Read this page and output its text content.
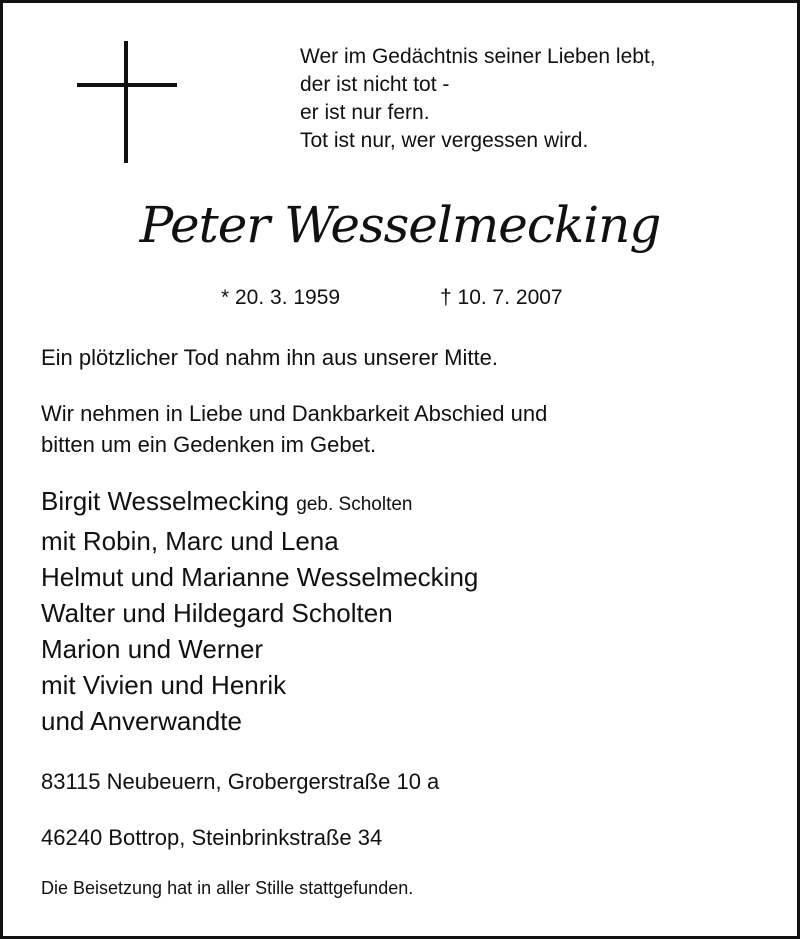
Wer im Gedächtnis seiner Lieben lebt,
der ist nicht tot -
er ist nur fern.
Tot ist nur, wer vergessen wird.
Peter Wesselmecking
* 20. 3. 1959	† 10. 7. 2007
Ein plötzlicher Tod nahm ihn aus unserer Mitte.
Wir nehmen in Liebe und Dankbarkeit Abschied und
bitten um ein Gedenken im Gebet.
Birgit Wesselmecking geb. Scholten
mit Robin, Marc und Lena
Helmut und Marianne Wesselmecking
Walter und Hildegard Scholten
Marion und Werner
mit Vivien und Henrik
und Anverwandte
83115 Neubeuern, Grobergerstraße 10 a
46240 Bottrop, Steinbrinkstraße 34
Die Beisetzung hat in aller Stille stattgefunden.
